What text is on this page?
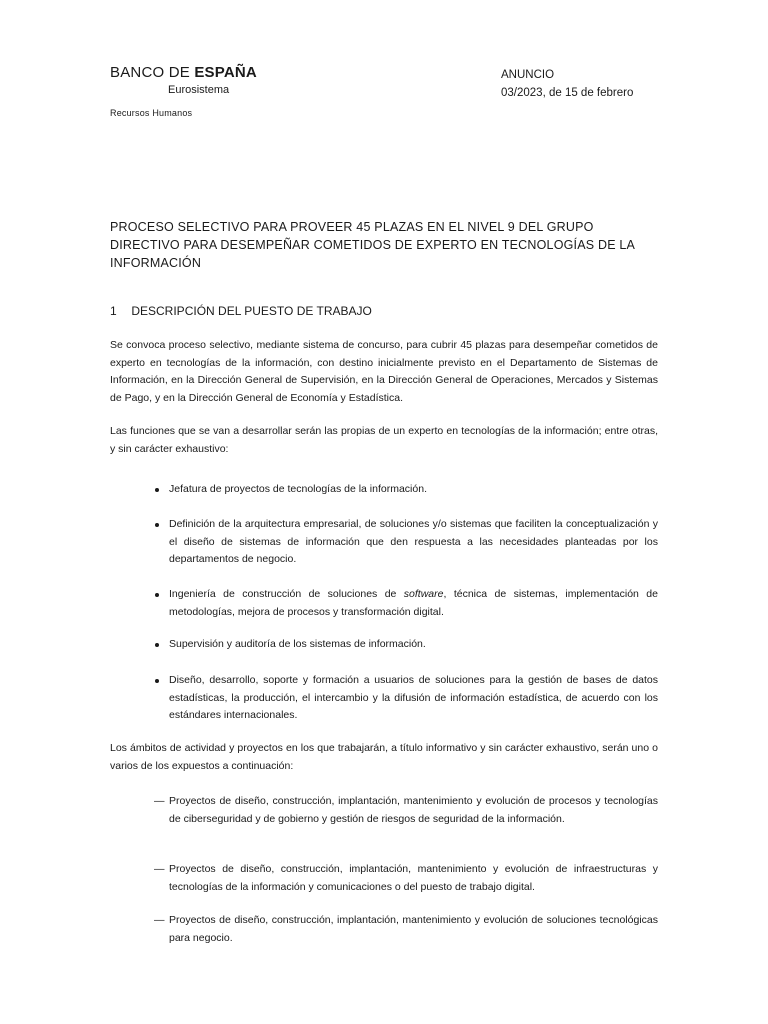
BANCO DE ESPAÑA
Eurosistema
Recursos Humanos
ANUNCIO
03/2023, de 15 de febrero
PROCESO SELECTIVO PARA PROVEER 45 PLAZAS EN EL NIVEL 9 DEL GRUPO DIRECTIVO PARA DESEMPEÑAR COMETIDOS DE EXPERTO EN TECNOLOGÍAS DE LA INFORMACIÓN
1 DESCRIPCIÓN DEL PUESTO DE TRABAJO
Se convoca proceso selectivo, mediante sistema de concurso, para cubrir 45 plazas para desempeñar cometidos de experto en tecnologías de la información, con destino inicialmente previsto en el Departamento de Sistemas de Información, en la Dirección General de Supervisión, en la Dirección General de Operaciones, Mercados y Sistemas de Pago, y en la Dirección General de Economía y Estadística.
Las funciones que se van a desarrollar serán las propias de un experto en tecnologías de la información; entre otras, y sin carácter exhaustivo:
Jefatura de proyectos de tecnologías de la información.
Definición de la arquitectura empresarial, de soluciones y/o sistemas que faciliten la conceptualización y el diseño de sistemas de información que den respuesta a las necesidades planteadas por los departamentos de negocio.
Ingeniería de construcción de soluciones de software, técnica de sistemas, implementación de metodologías, mejora de procesos y transformación digital.
Supervisión y auditoría de los sistemas de información.
Diseño, desarrollo, soporte y formación a usuarios de soluciones para la gestión de bases de datos estadísticas, la producción, el intercambio y la difusión de información estadística, de acuerdo con los estándares internacionales.
Los ámbitos de actividad y proyectos en los que trabajarán, a título informativo y sin carácter exhaustivo, serán uno o varios de los expuestos a continuación:
— Proyectos de diseño, construcción, implantación, mantenimiento y evolución de procesos y tecnologías de ciberseguridad y de gobierno y gestión de riesgos de seguridad de la información.
— Proyectos de diseño, construcción, implantación, mantenimiento y evolución de infraestructuras y tecnologías de la información y comunicaciones o del puesto de trabajo digital.
— Proyectos de diseño, construcción, implantación, mantenimiento y evolución de soluciones tecnológicas para negocio.
